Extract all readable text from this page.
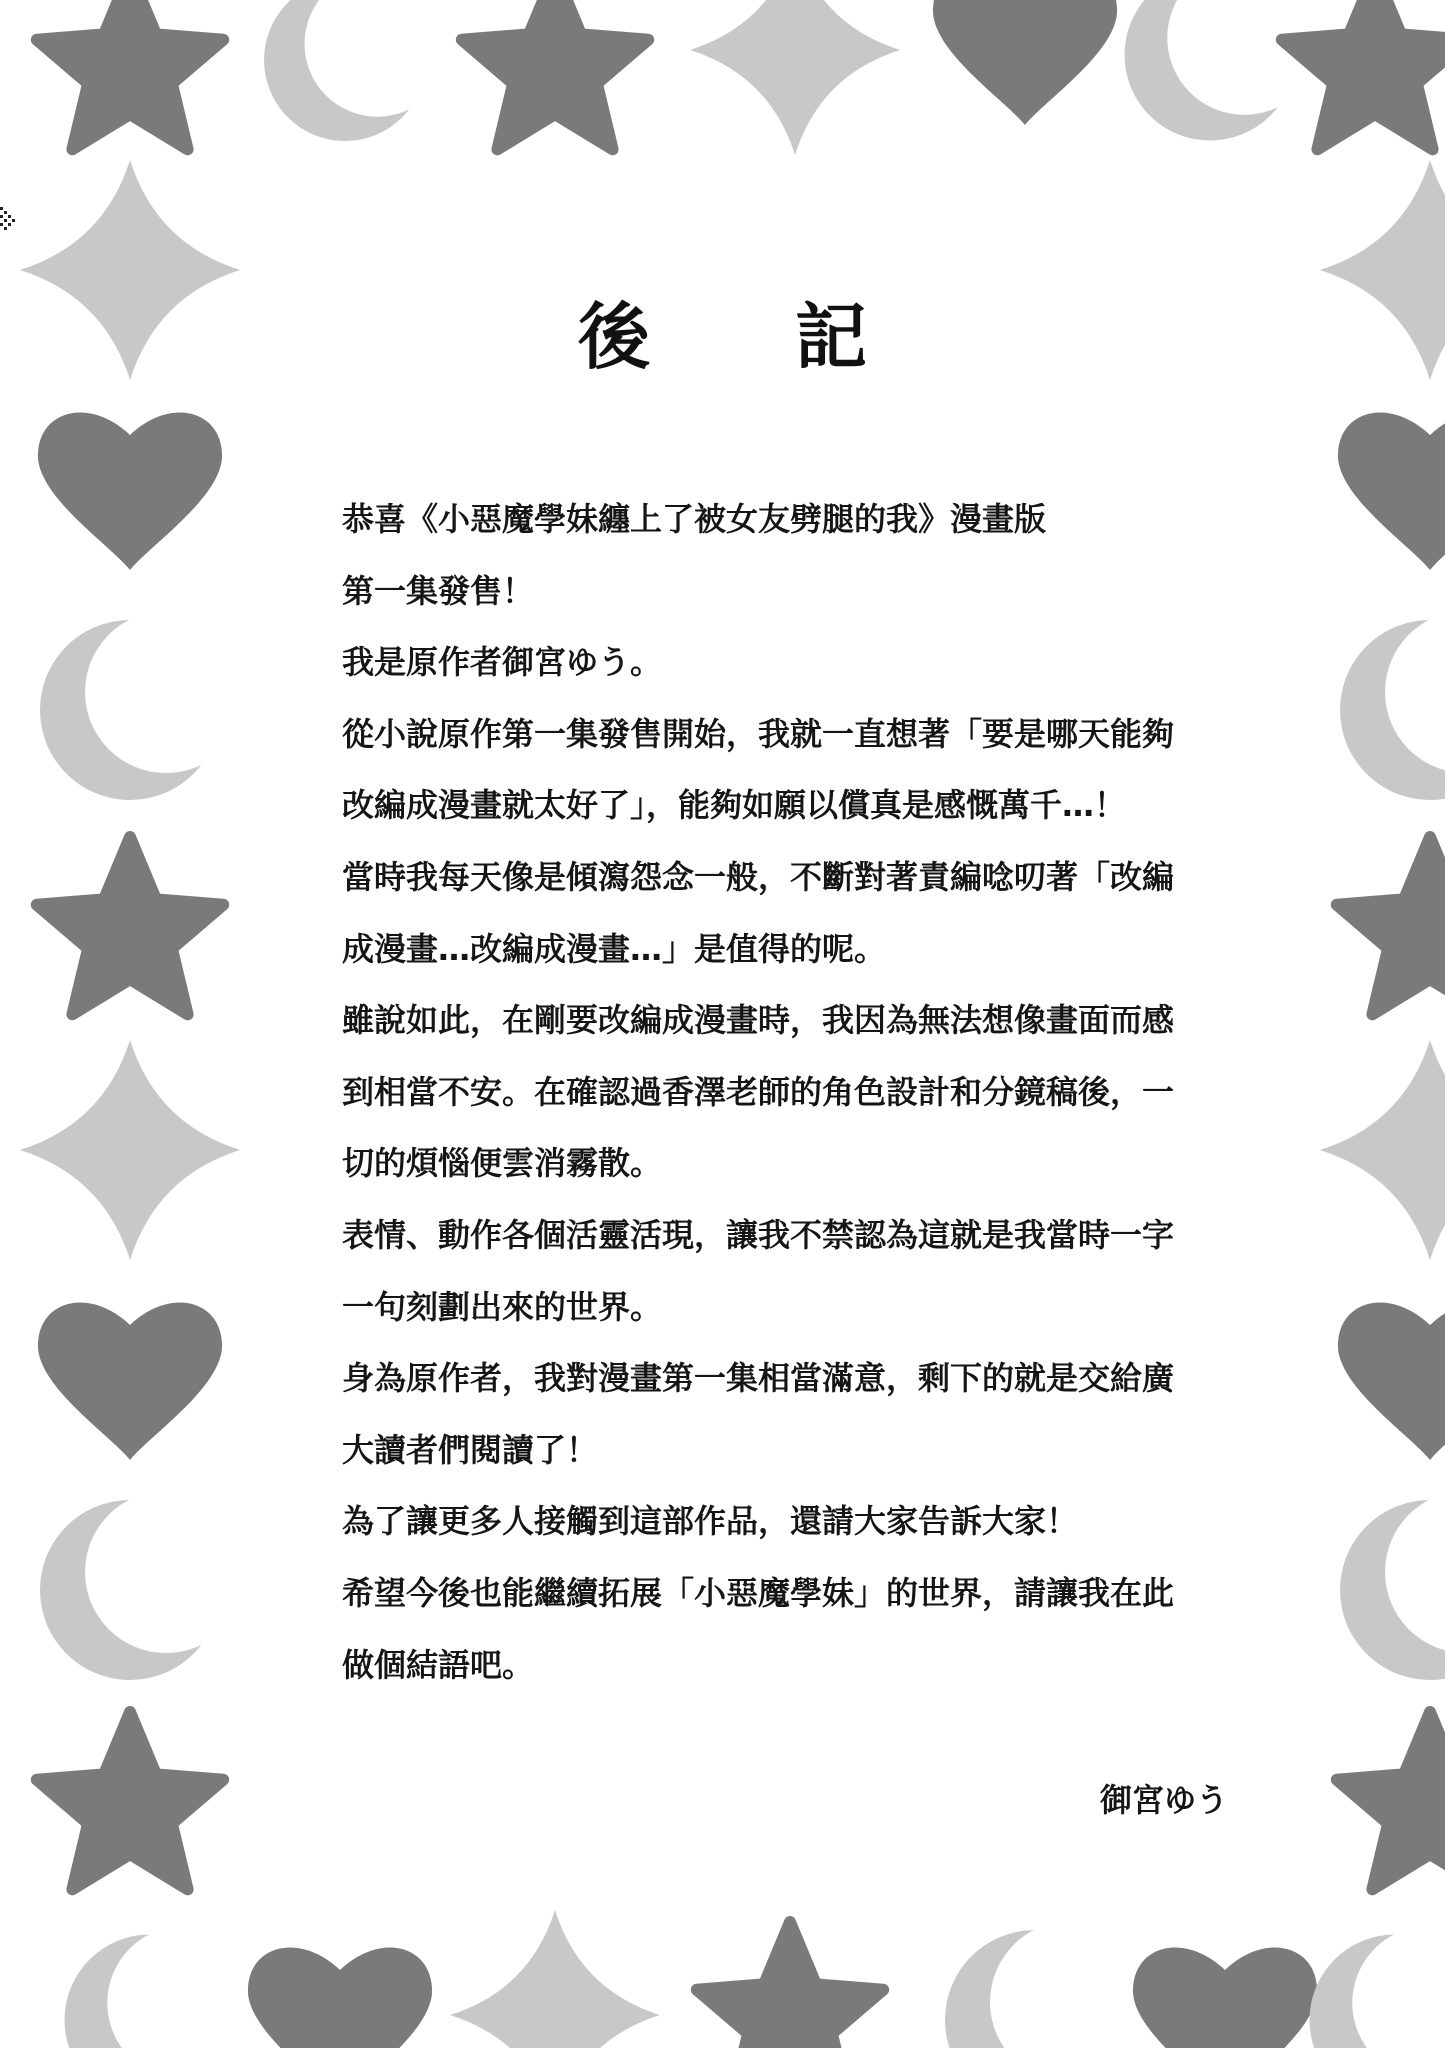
後 記
恭喜《小惡魔學妹纏上了被女友劈腿的我》漫畫版
第一集發售！
我是原作者御宮ゆう。
從小說原作第一集發售開始，我就一直想著「要是哪天能夠
改編成漫畫就太好了」，能夠如願以償真是感慨萬千…！
當時我每天像是傾瀉怨念一般，不斷對著責編唸叨著「改編
成漫畫…改編成漫畫…」是值得的呢。
雖說如此，在剛要改編成漫畫時，我因為無法想像畫面而感
到相當不安。在確認過香澤老師的角色設計和分鏡稿後，一
切的煩惱便雲消霧散。
表情、動作各個活靈活現，讓我不禁認為這就是我當時一字
一句刻劃出來的世界。
身為原作者，我對漫畫第一集相當滿意，剩下的就是交給廣
大讀者們閱讀了！
為了讓更多人接觸到這部作品，還請大家告訴大家！
希望今後也能繼續拓展「小惡魔學妹」的世界，請讓我在此
做個結語吧。
御宮ゆう
